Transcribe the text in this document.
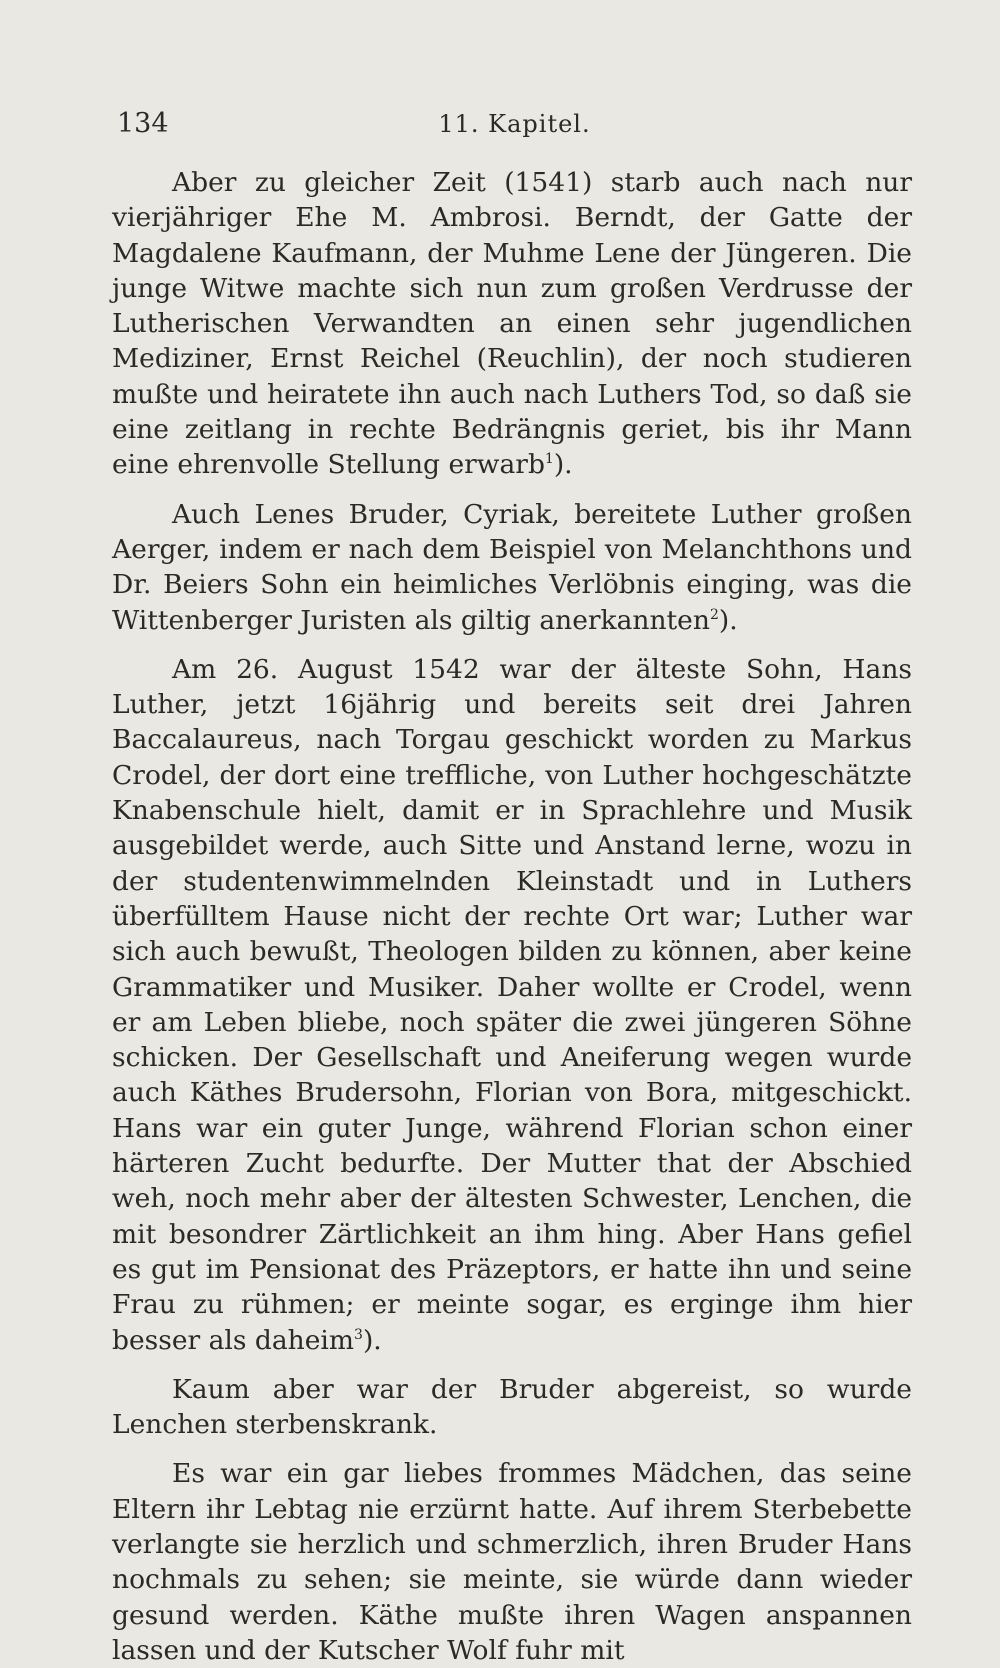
134	11. Kapitel.

Aber zu gleicher Zeit (1541) starb auch nach nur vierjähriger Ehe M. Ambrosi. Berndt, der Gatte der Magdalene Kaufmann, der Muhme Lene der Jüngeren. Die junge Witwe machte sich nun zum großen Verdrusse der Lutherischen Verwandten an einen sehr jugendlichen Mediziner, Ernst Reichel (Reuchlin), der noch studieren mußte und heiratete ihn auch nach Luthers Tod, so daß sie eine zeitlang in rechte Bedrängnis geriet, bis ihr Mann eine ehrenvolle Stellung erwarb$^1$).

Auch Lenes Bruder, Cyriak, bereitete Luther großen Aerger, indem er nach dem Beispiel von Melanchthons und Dr. Beiers Sohn ein heimliches Verlöbnis einging, was die Wittenberger Juristen als giltig anerkannten$^2$).

Am 26. August 1542 war der älteste Sohn, Hans Luther, jetzt 16jährig und bereits seit drei Jahren Baccalaureus, nach Torgau geschickt worden zu Markus Crodel, der dort eine treffliche, von Luther hochgeschätzte Knabenschule hielt, damit er in Sprachlehre und Musik ausgebildet werde, auch Sitte und Anstand lerne, wozu in der studentenwimmelnden Kleinstadt und in Luthers überfülltem Hause nicht der rechte Ort war; Luther war sich auch bewußt, Theologen bilden zu können, aber keine Grammatiker und Musiker. Daher wollte er Crodel, wenn er am Leben bliebe, noch später die zwei jüngeren Söhne schicken. Der Gesellschaft und Aneiferung wegen wurde auch Käthes Brudersohn, Florian von Bora, mitgeschickt. Hans war ein guter Junge, während Florian schon einer härteren Zucht bedurfte. Der Mutter that der Abschied weh, noch mehr aber der ältesten Schwester, Lenchen, die mit besondrer Zärtlichkeit an ihm hing. Aber Hans gefiel es gut im Pensionat des Präzeptors, er hatte ihn und seine Frau zu rühmen; er meinte sogar, es erginge ihm hier besser als daheim$^3$).

Kaum aber war der Bruder abgereist, so wurde Lenchen sterbenskrank.

Es war ein gar liebes frommes Mädchen, das seine Eltern ihr Lebtag nie erzürnt hatte. Auf ihrem Sterbebette verlangte sie herzlich und schmerzlich, ihren Bruder Hans nochmals zu sehen; sie meinte, sie würde dann wieder gesund werden. Käthe mußte ihren Wagen anspannen lassen und der Kutscher Wolf fuhr mit
